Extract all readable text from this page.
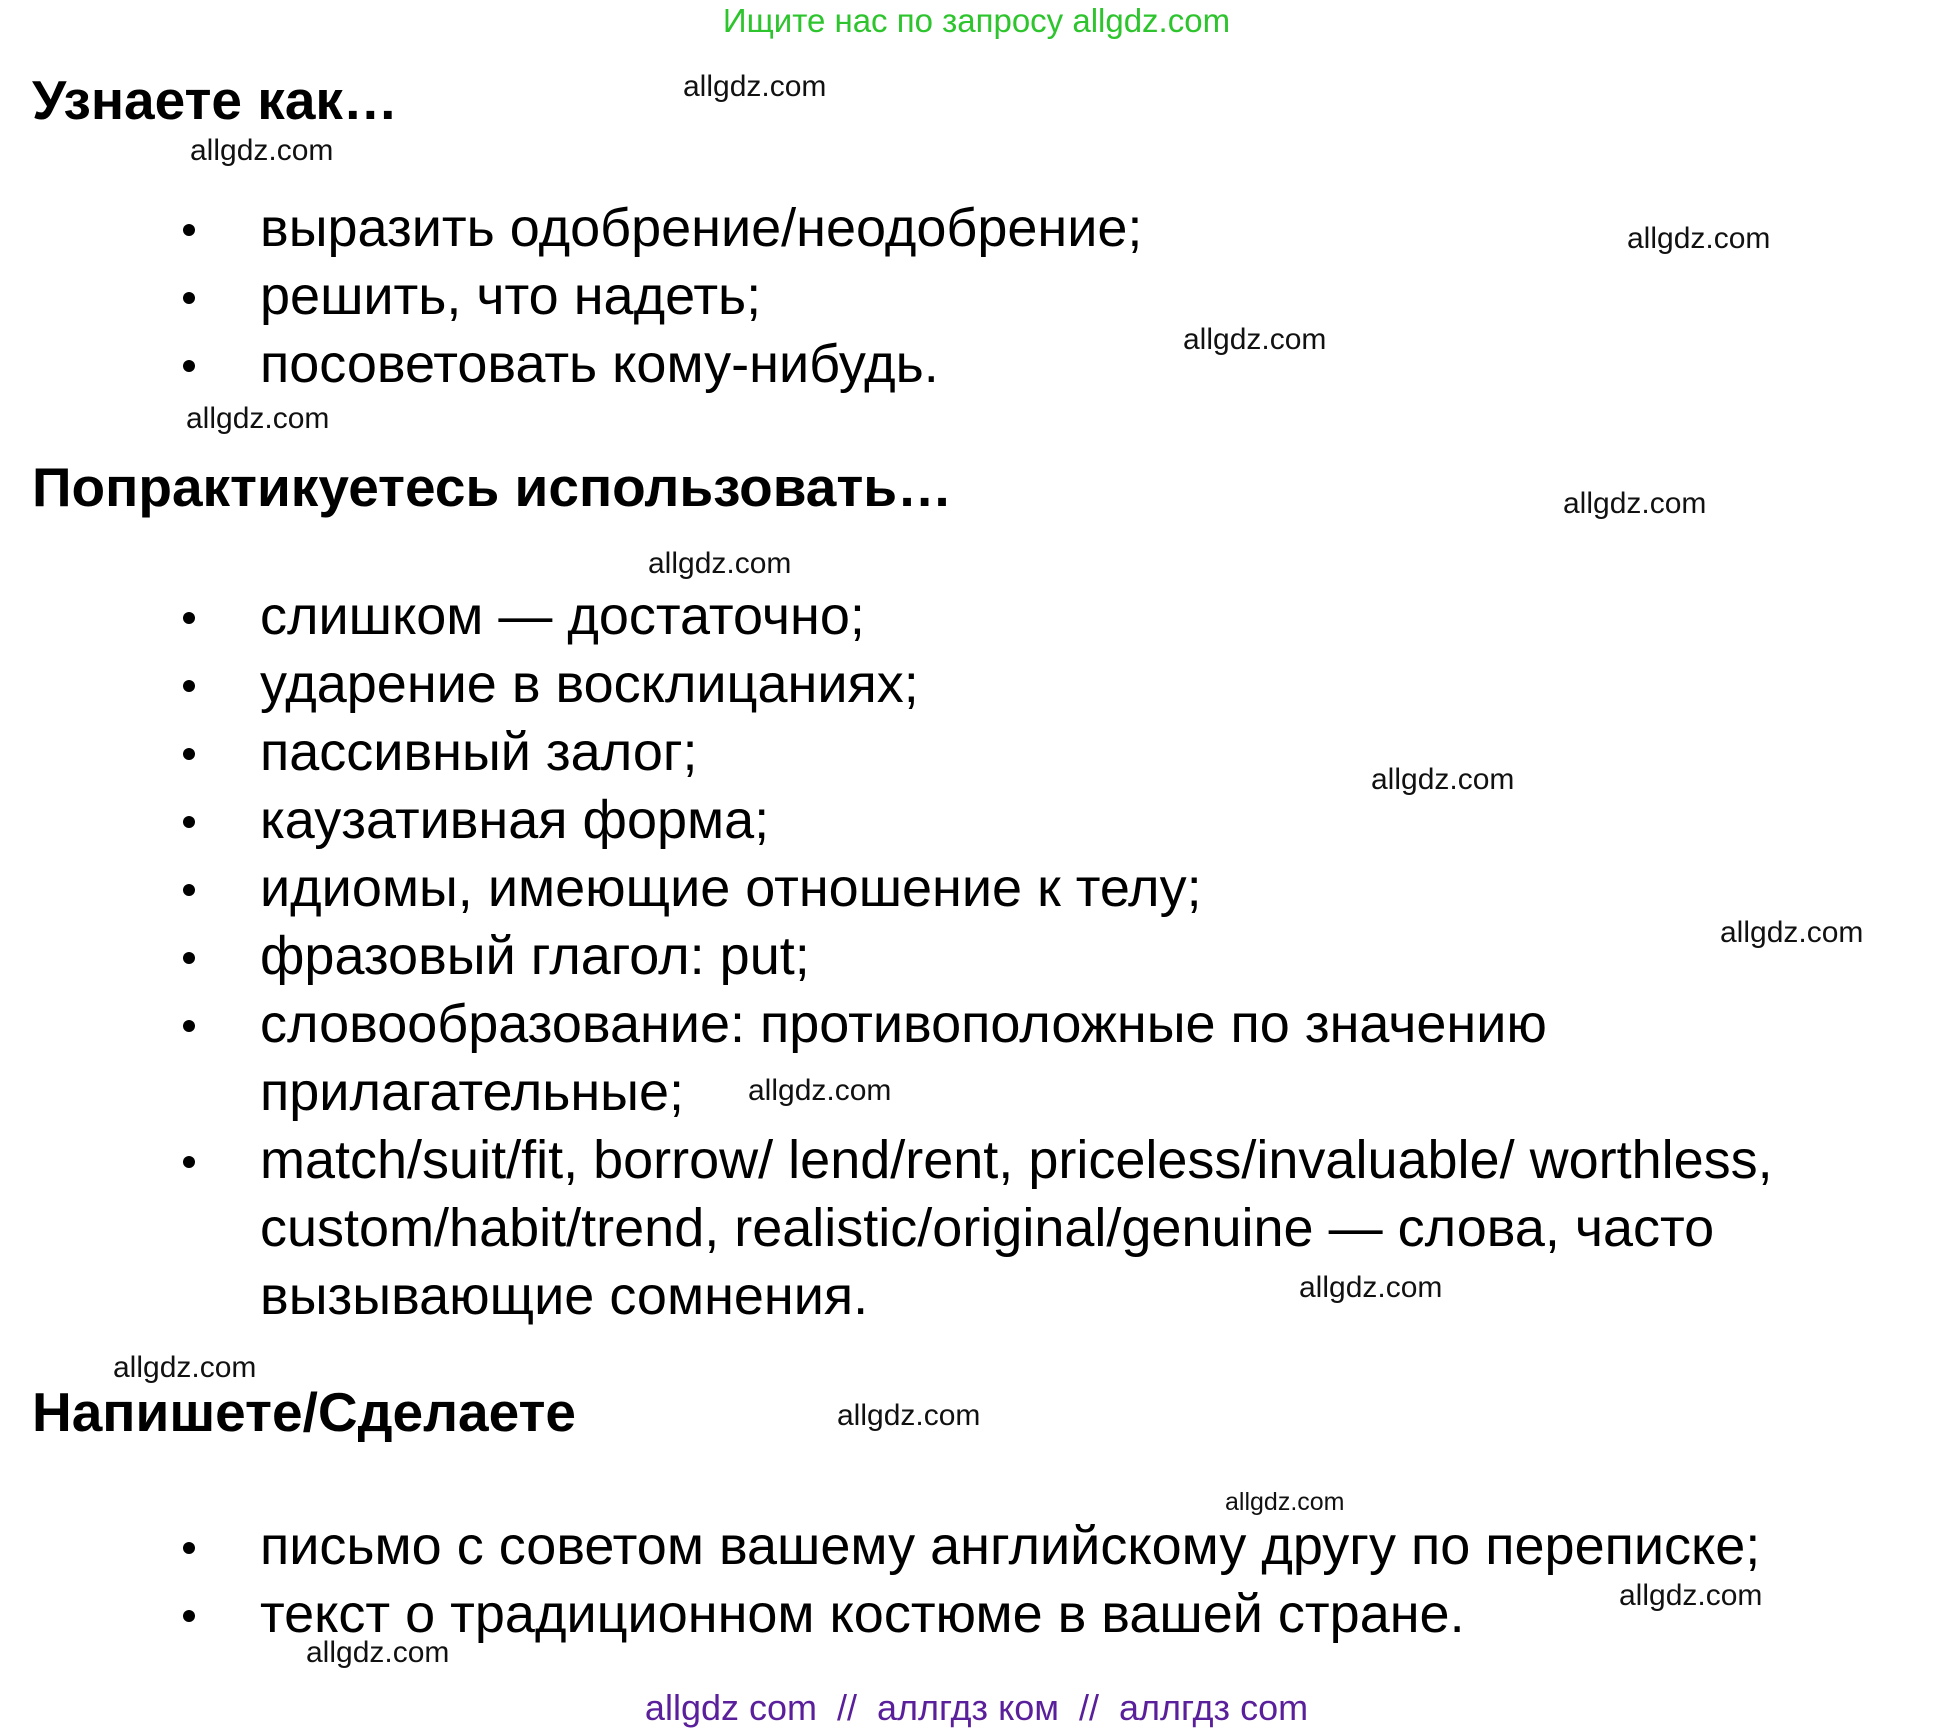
Ищите нас по запросу allgdz.com
Узнаете как…
выразить одобрение/неодобрение;
решить, что надеть;
посоветовать кому-нибудь.
Попрактикуетесь использовать…
слишком — достаточно;
ударение в восклицаниях;
пассивный залог;
каузативная форма;
идиомы, имеющие отношение к телу;
фразовый глагол: put;
словообразование: противоположные по значению
прилагательные;
match/suit/fit, borrow/ lend/rent, priceless/invaluable/ worthless,
custom/habit/trend, realistic/original/genuine — слова, часто
вызывающие сомнения.
Напишете/Сделаете
письмо с советом вашему английскому другу по переписке;
текст о традиционном костюме в вашей стране.
allgdz.com
allgdz.com
allgdz.com
allgdz.com
allgdz.com
allgdz.com
allgdz.com
allgdz.com
allgdz.com
allgdz.com
allgdz.com
allgdz.com
allgdz.com
allgdz.com
allgdz.com
allgdz.com
allgdz com  //  аллгдз ком  //  аллгдз com
